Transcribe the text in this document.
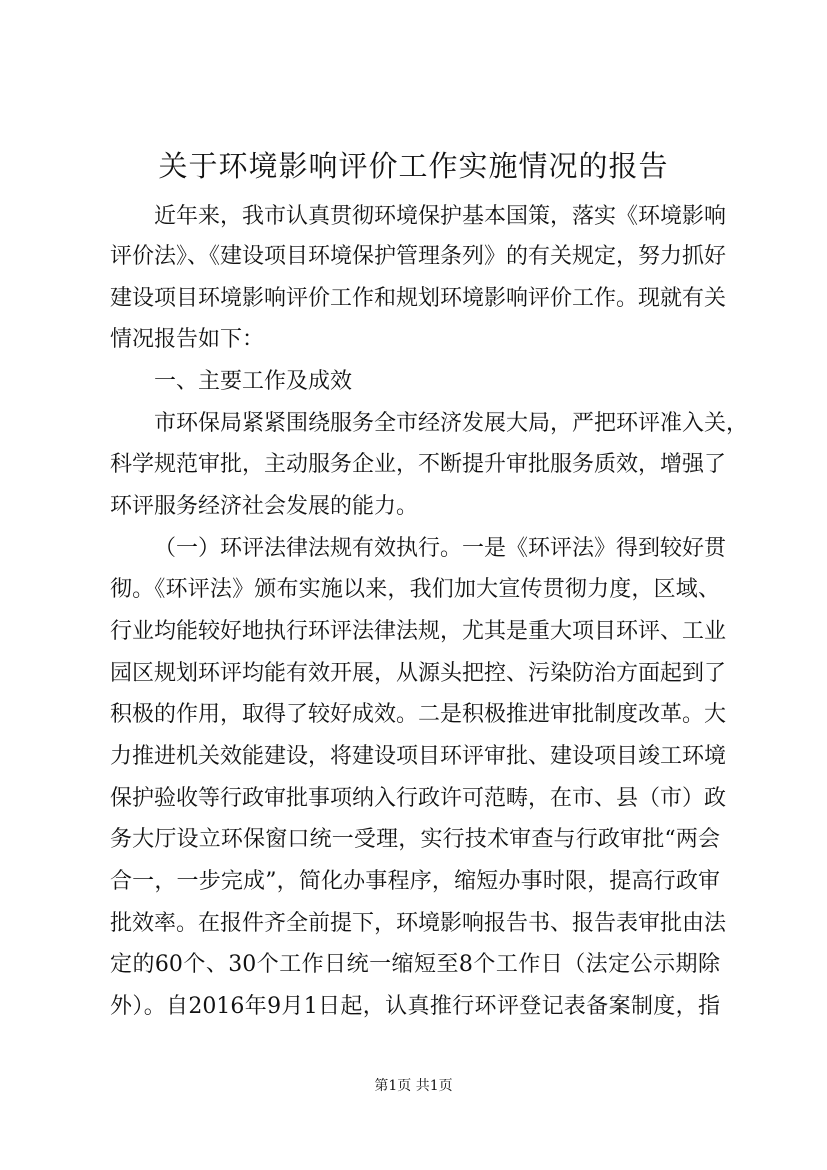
关于环境影响评价工作实施情况的报告
近年来，我市认真贯彻环境保护基本国策，落实《环境影响
评价法》、《建设项目环境保护管理条列》的有关规定，努力抓好
建设项目环境影响评价工作和规划环境影响评价工作。现就有关
情况报告如下：
一、主要工作及成效
市环保局紧紧围绕服务全市经济发展大局，严把环评准入关，
科学规范审批，主动服务企业，不断提升审批服务质效，增强了
环评服务经济社会发展的能力。
（一）环评法律法规有效执行。一是《环评法》得到较好贯
彻。《环评法》颁布实施以来，我们加大宣传贯彻力度，区域、
行业均能较好地执行环评法律法规，尤其是重大项目环评、工业
园区规划环评均能有效开展，从源头把控、污染防治方面起到了
积极的作用，取得了较好成效。二是积极推进审批制度改革。大
力推进机关效能建设，将建设项目环评审批、建设项目竣工环境
保护验收等行政审批事项纳入行政许可范畴，在市、县（市）政
务大厅设立环保窗口统一受理，实行技术审查与行政审批“两会
合一，一步完成”，简化办事程序，缩短办事时限，提高行政审
批效率。在报件齐全前提下，环境影响报告书、报告表审批由法
定的60个、30个工作日统一缩短至8个工作日（法定公示期除
外）。自2016年9月1日起，认真推行环评登记表备案制度，指
第1页 共1页
